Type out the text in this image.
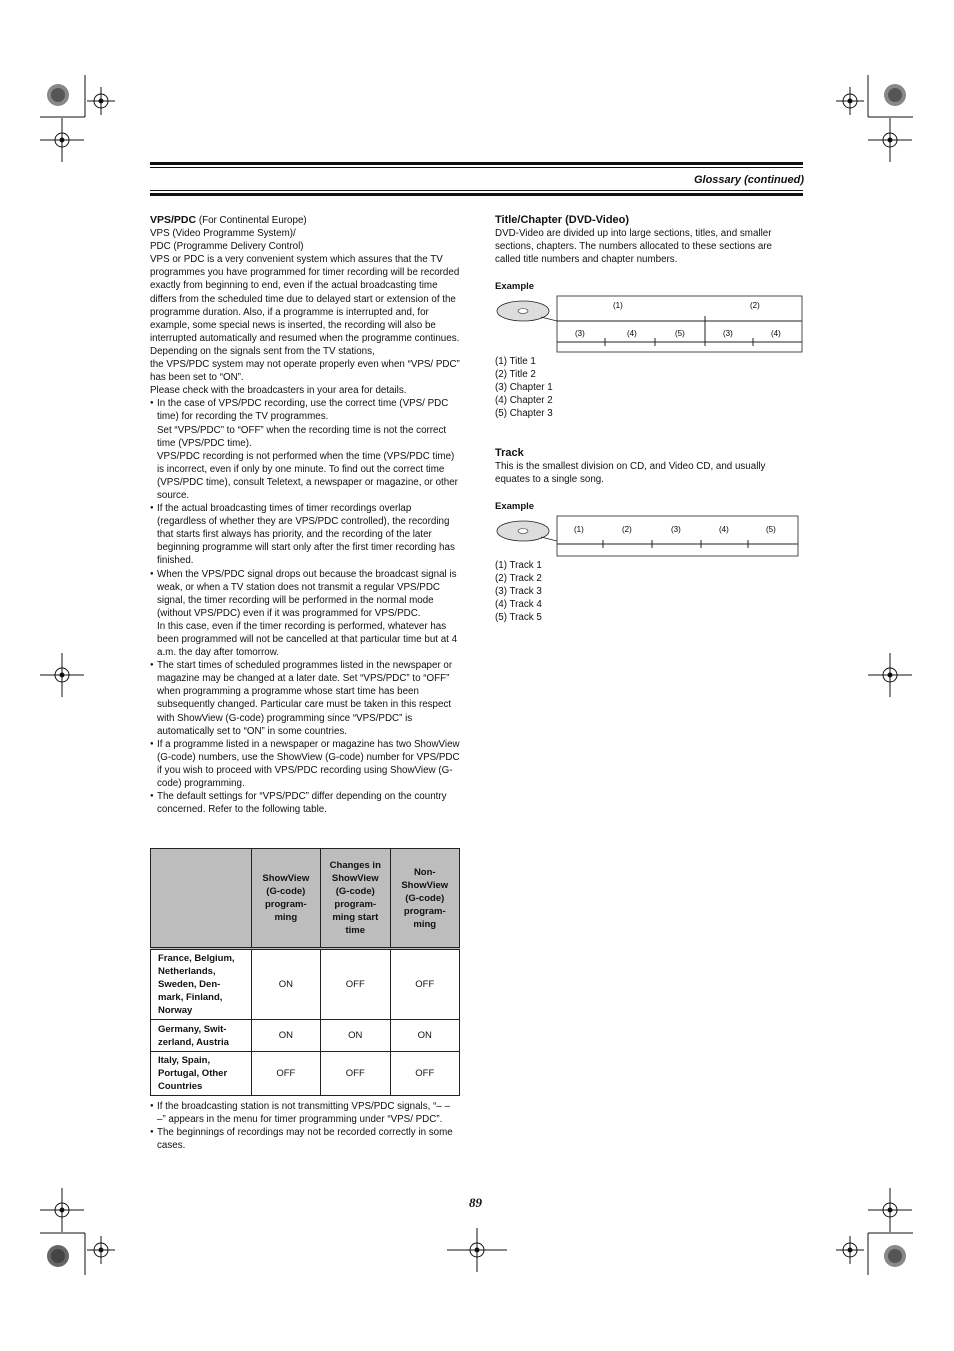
Glossary (continued)

VPS/PDC (For Continental Europe)

VPS (Video Programme System)/

PDC (Programme Delivery Control)

VPS or PDC is a very convenient system which assures that the TV programmes you have programmed for timer recording will be recorded exactly from beginning to end, even if the actual broadcasting time differs from the scheduled time due to delayed start or extension of the programme duration. Also, if a programme is interrupted and, for example, some special news is inserted, the recording will also be interrupted automatically and resumed when the programme continues.

Depending on the signals sent from the TV stations,

the VPS/PDC system may not operate properly even when “VPS/ PDC” has been set to “ON”.

Please check with the broadcasters in your area for details.

● In the case of VPS/PDC recording, use the correct time (VPS/ PDC time) for recording the TV programmes.

Set “VPS/PDC” to “OFF” when the recording time is not the correct time (VPS/PDC time).

VPS/PDC recording is not performed when the time (VPS/PDC time) is incorrect, even if only by one minute. To find out the correct time (VPS/PDC time), consult Teletext, a newspaper or magazine, or other source.

● If the actual broadcasting times of timer recordings overlap (regardless of whether they are VPS/PDC controlled), the recording that starts first always has priority, and the recording of the later beginning programme will start only after the first timer recording has finished.

● When the VPS/PDC signal drops out because the broadcast signal is weak, or when a TV station does not transmit a regular VPS/PDC signal, the timer recording will be performed in the normal mode (without VPS/PDC) even if it was programmed for VPS/PDC.

In this case, even if the timer recording is performed, whatever has been programmed will not be cancelled at that particular time but at 4 a.m. the day after tomorrow.

● The start times of scheduled programmes listed in the newspaper or magazine may be changed at a later date. Set “VPS/PDC” to “OFF” when programming a programme whose start time has been subsequently changed. Particular care must be taken in this respect with ShowView (G-code) programming since “VPS/PDC” is automatically set to “ON” in some countries.

● If a programme listed in a newspaper or magazine has two ShowView (G-code) numbers, use the ShowView (G-code) number for VPS/PDC if you wish to proceed with VPS/PDC recording using ShowView (G-code) programming.

● The default settings for “VPS/PDC” differ depending on the country concerned. Refer to the following table.

	ShowView (G-code) program- ming	Changes in ShowView (G-code) program- ming start time	Non- ShowView (G-code) program- ming
France, Belgium, Netherlands, Sweden, Den- mark, Finland, Norway	ON	OFF	OFF
Germany, Swit- zerland, Austria	ON	ON	ON
Italy, Spain, Portugal, Other Countries	OFF	OFF	OFF

● If the broadcasting station is not transmitting VPS/PDC signals, “– – –” appears in the menu for timer programming under “VPS/ PDC”.

● The beginnings of recordings may not be recorded correctly in some cases.

Title/Chapter (DVD-Video)

DVD-Video are divided up into large sections, titles, and smaller sections, chapters. The numbers allocated to these sections are called title numbers and chapter numbers.

Example
(1)	(2)
(3)	(4)	(5)	(3)	(4)
(1) Title 1
(2) Title 2
(3) Chapter 1
(4) Chapter 2
(5) Chapter 3

Track

This is the smallest division on CD, and Video CD, and usually equates to a single song.

Example
(1)	(2)	(3)	(4)	(5)
(1) Track 1
(2) Track 2
(3) Track 3
(4) Track 4
(5) Track 5
89
